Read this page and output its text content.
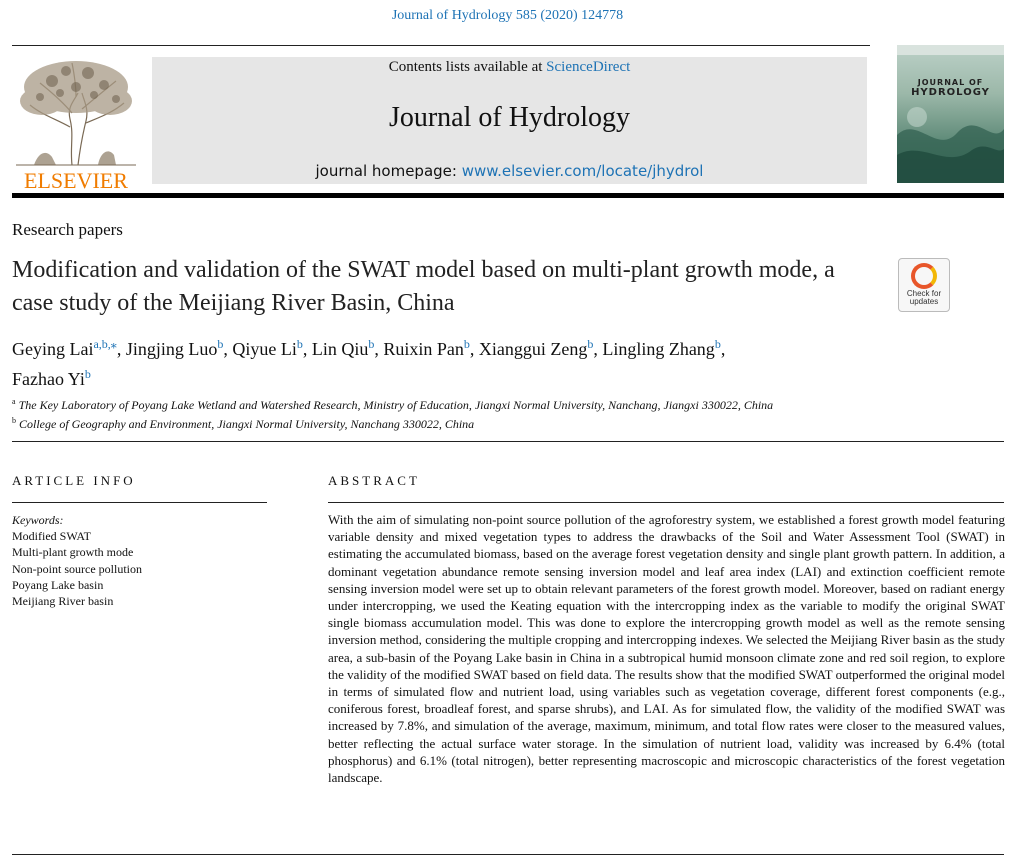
Journal of Hydrology 585 (2020) 124778
ELSEVIER
Contents lists available at ScienceDirect
Journal of Hydrology
journal homepage: www.elsevier.com/locate/jhydrol
JOURNAL OF
HYDROLOGY
Research papers
Modification and validation of the SWAT model based on multi-plant growth mode, a case study of the Meijiang River Basin, China	Check for
updates
Geying Lai$^{a,b,⁎}$, Jingjing Luo$^b$, Qiyue Li$^b$, Lin Qiu$^b$, Ruixin Pan$^b$, Xianggui Zeng$^b$, Lingling Zhang$^b$,
Fazhao Yi$^b$
$^a$ The Key Laboratory of Poyang Lake Wetland and Watershed Research, Ministry of Education, Jiangxi Normal University, Nanchang, Jiangxi 330022, China
$^b$ College of Geography and Environment, Jiangxi Normal University, Nanchang 330022, China
ARTICLE INFO	ABSTRACT
Keywords:
Modified SWAT
Multi-plant growth mode
Non-point source pollution
Poyang Lake basin
Meijiang River basin
With the aim of simulating non-point source pollution of the agroforestry system, we established a forest growth model featuring variable density and mixed vegetation types to address the drawbacks of the Soil and Water Assessment Tool (SWAT) in estimating the accumulated biomass, based on the average forest vegetation density and single plant growth pattern. In addition, a dominant vegetation abundance remote sensing inversion model and leaf area index (LAI) and extinction coefficient remote sensing inversion model were set up to obtain relevant parameters of the forest growth model. Moreover, based on radiant energy under intercropping, we used the Keating equation with the intercropping index as the variable to modify the original SWAT single biomass accumulation model. This was done to explore the intercropping growth model as well as the remote sensing inversion method, considering the multiple cropping and intercropping indexes. We selected the Meijiang River basin as the study area, a sub-basin of the Poyang Lake basin in China in a subtropical humid monsoon climate zone and red soil region, to explore the validity of the modified SWAT based on field data. The results show that the modified SWAT outperformed the original model in terms of simulated flow and nutrient load, using variables such as vegetation coverage, different forest components (e.g., coniferous forest, broadleaf forest, and sparse shrubs), and LAI. As for simulated flow, the validity of the modified SWAT was increased by 7.8%, and simulation of the average, maximum, minimum, and total flow rates were closer to the measured values, better reflecting the actual surface water storage. In the simulation of nutrient load, validity was increased by 6.4% (total phosphorus) and 6.1% (total nitrogen), better representing macroscopic and microscopic characteristics of the forest vegetation landscape.
